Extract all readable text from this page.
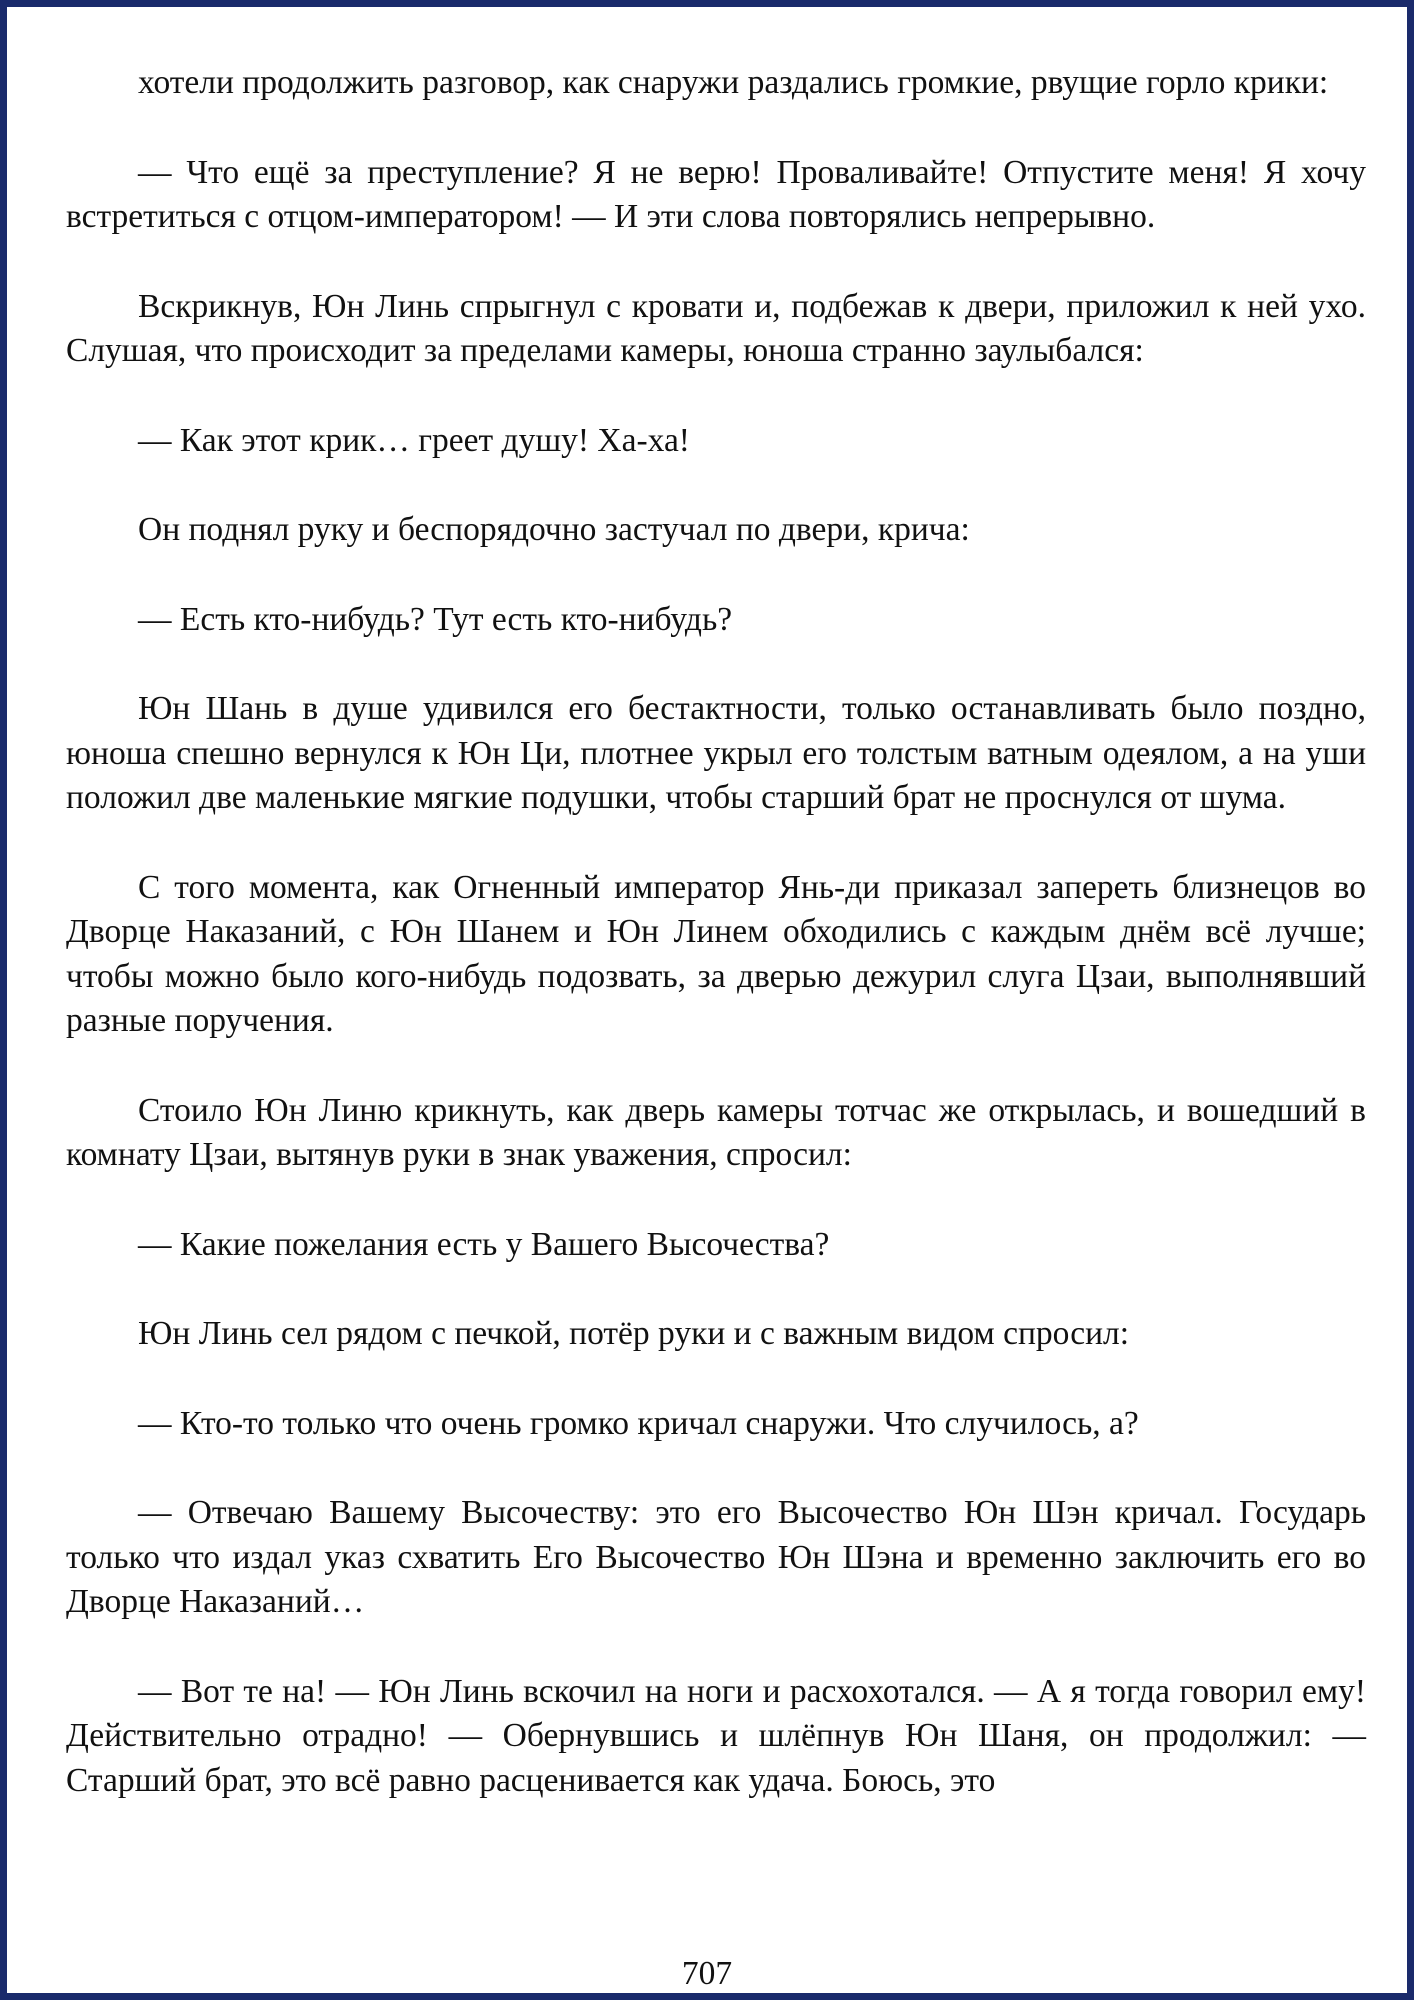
хотели продолжить разговор, как снаружи раздались громкие, рвущие горло крики:

— Что ещё за преступление? Я не верю! Проваливайте! Отпустите меня! Я хочу встретиться с отцом-императором! — И эти слова повторялись непрерывно.

Вскрикнув, Юн Линь спрыгнул с кровати и, подбежав к двери, приложил к ней ухо. Слушая, что происходит за пределами камеры, юноша странно заулыбался:

— Как этот крик… греет душу! Ха-ха!

Он поднял руку и беспорядочно застучал по двери, крича:

— Есть кто-нибудь? Тут есть кто-нибудь?

Юн Шань в душе удивился его бестактности, только останавливать было поздно, юноша спешно вернулся к Юн Ци, плотнее укрыл его толстым ватным одеялом, а на уши положил две маленькие мягкие подушки, чтобы старший брат не проснулся от шума.

С того момента, как Огненный император Янь-ди приказал запереть близнецов во Дворце Наказаний, с Юн Шанем и Юн Линем обходились с каждым днём всё лучше; чтобы можно было кого-нибудь подозвать, за дверью дежурил слуга Цзаи, выполнявший разные поручения.

Стоило Юн Линю крикнуть, как дверь камеры тотчас же открылась, и вошедший в комнату Цзаи, вытянув руки в знак уважения, спросил:

— Какие пожелания есть у Вашего Высочества?

Юн Линь сел рядом с печкой, потёр руки и с важным видом спросил:

— Кто-то только что очень громко кричал снаружи. Что случилось, а?

— Отвечаю Вашему Высочеству: это его Высочество Юн Шэн кричал. Государь только что издал указ схватить Его Высочество Юн Шэна и временно заключить его во Дворце Наказаний…

— Вот те на! — Юн Линь вскочил на ноги и расхохотался. — А я тогда говорил ему! Действительно отрадно! — Обернувшись и шлёпнув Юн Шаня, он продолжил: — Старший брат, это всё равно расценивается как удача. Боюсь, это

707
